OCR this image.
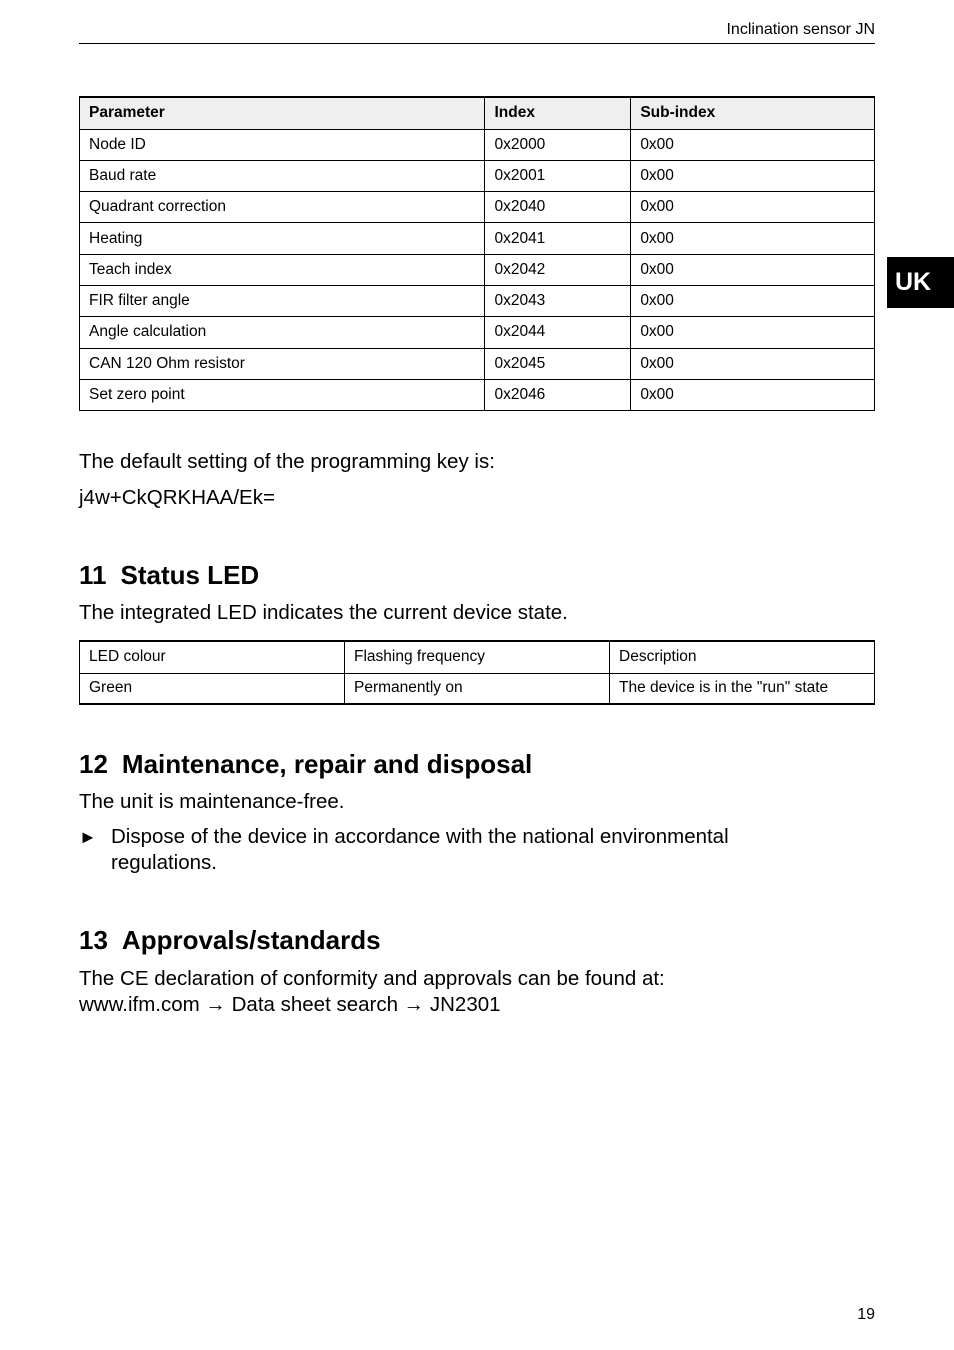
Inclination sensor JN
UK
Parameter	Index	Sub-index
Node ID	0x2000	0x00
Baud rate	0x2001	0x00
Quadrant correction	0x2040	0x00
Heating	0x2041	0x00
Teach index	0x2042	0x00
FIR filter angle	0x2043	0x00
Angle calculation	0x2044	0x00
CAN 120 Ohm resistor	0x2045	0x00
Set zero point	0x2046	0x00
The default setting of the programming key is:
j4w+CkQRKHAA/Ek=
11 Status LED
The integrated LED indicates the current device state.
LED colour	Flashing frequency	Description
Green	Permanently on	The device is in the "run" state
12 Maintenance, repair and disposal
The unit is maintenance-free.
► Dispose of the device in accordance with the national environmental regulations.
13 Approvals/standards
The CE declaration of conformity and approvals can be found at:
www.ifm.com → Data sheet search → JN2301
19
